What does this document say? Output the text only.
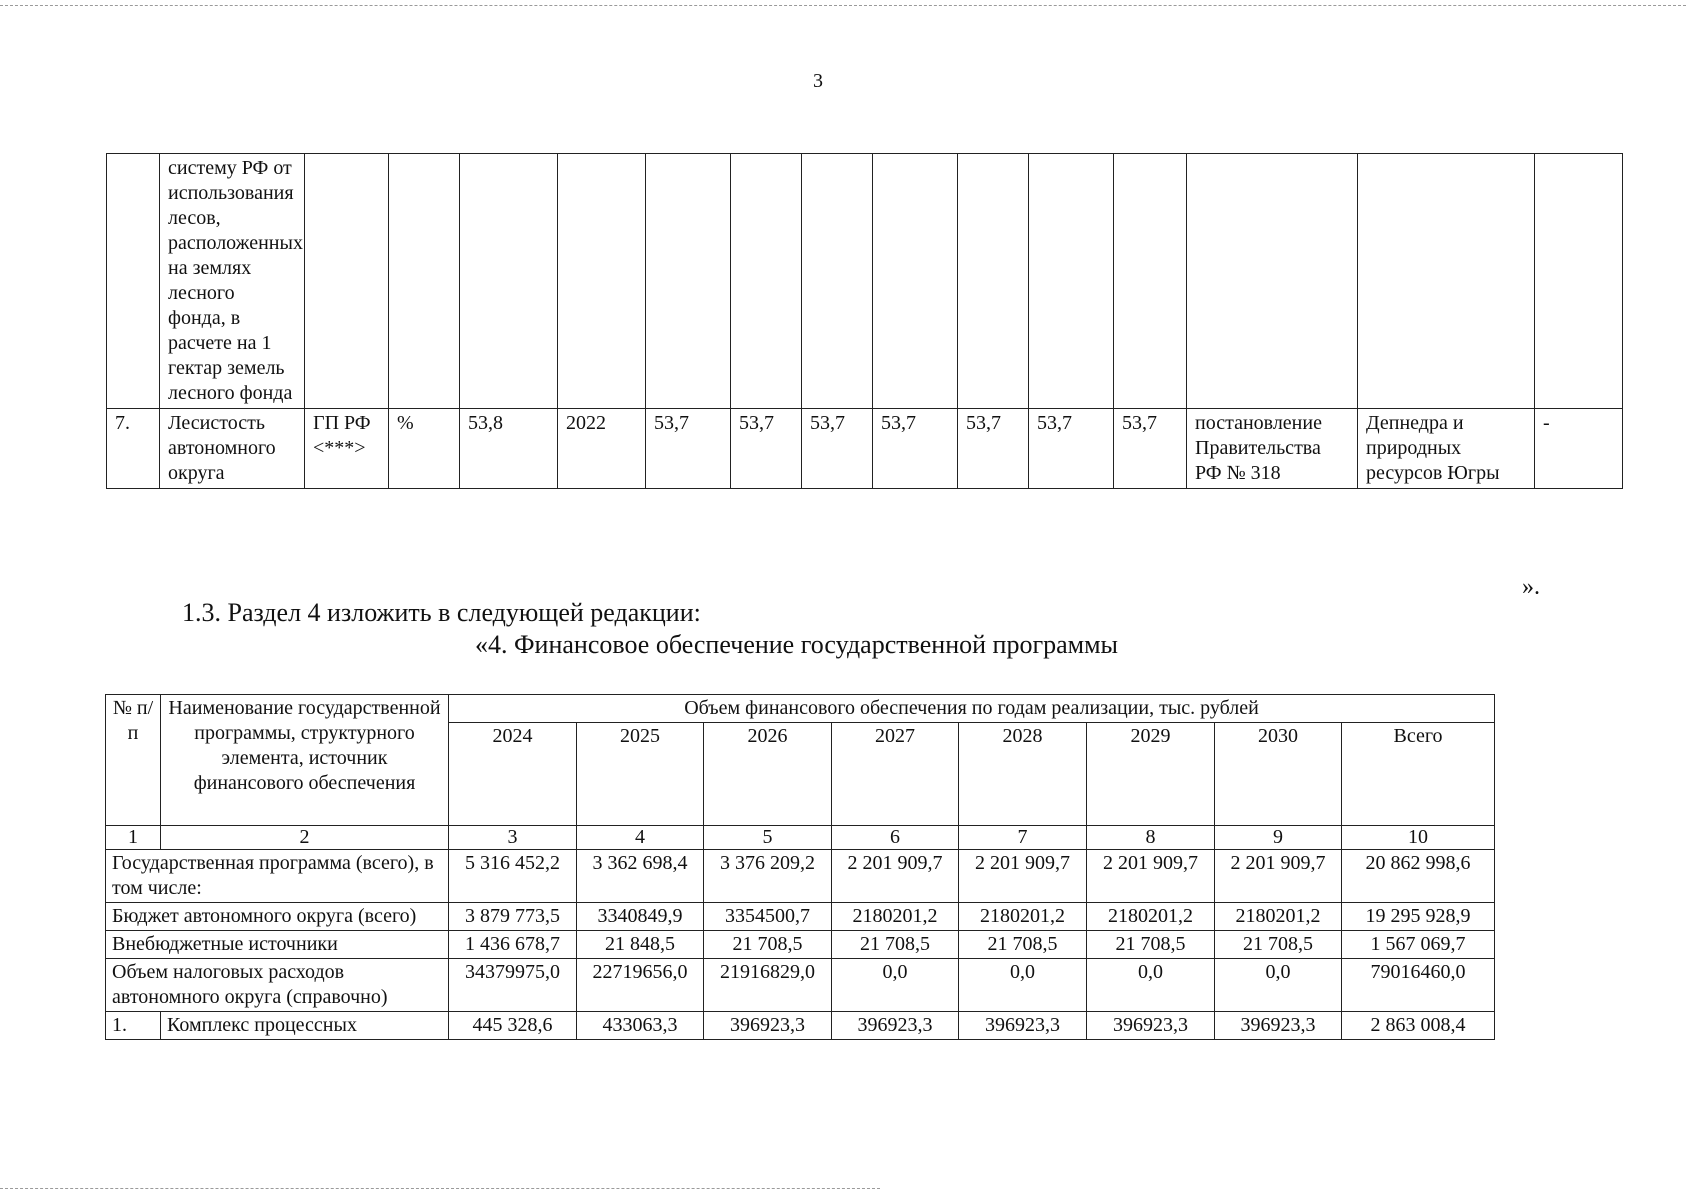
3
	систему РФ от использования лесов, расположенных на землях лесного фонда, в расчете на 1 гектар земель лесного фонда														
7.	Лесистость автономного округа	ГП РФ <***>	%	53,8	2022	53,7	53,7	53,7	53,7	53,7	53,7	53,7	постановление Правительства РФ № 318	Депнедра и природных ресурсов Югры	-
».
1.3. Раздел 4 изложить в следующей редакции:
«4. Финансовое обеспечение государственной программы
№ п/п	Наименование государственной программы, структурного элемента, источник финансового обеспечения	Объем финансового обеспечения по годам реализации, тыс. рублей							
		2024	2025	2026	2027	2028	2029	2030	Всего
1	2	3	4	5	6	7	8	9	10
Государственная программа (всего), в том числе:		5 316 452,2	3 362 698,4	3 376 209,2	2 201 909,7	2 201 909,7	2 201 909,7	2 201 909,7	20 862 998,6
Бюджет автономного округа (всего)		3 879 773,5	3340849,9	3354500,7	2180201,2	2180201,2	2180201,2	2180201,2	19 295 928,9
Внебюджетные источники		1 436 678,7	21 848,5	21 708,5	21 708,5	21 708,5	21 708,5	21 708,5	1 567 069,7
Объем налоговых расходов автономного округа (справочно)		34379975,0	22719656,0	21916829,0	0,0	0,0	0,0	0,0	79016460,0
1.	Комплекс процессных	445 328,6	433063,3	396923,3	396923,3	396923,3	396923,3	396923,3	2 863 008,4
